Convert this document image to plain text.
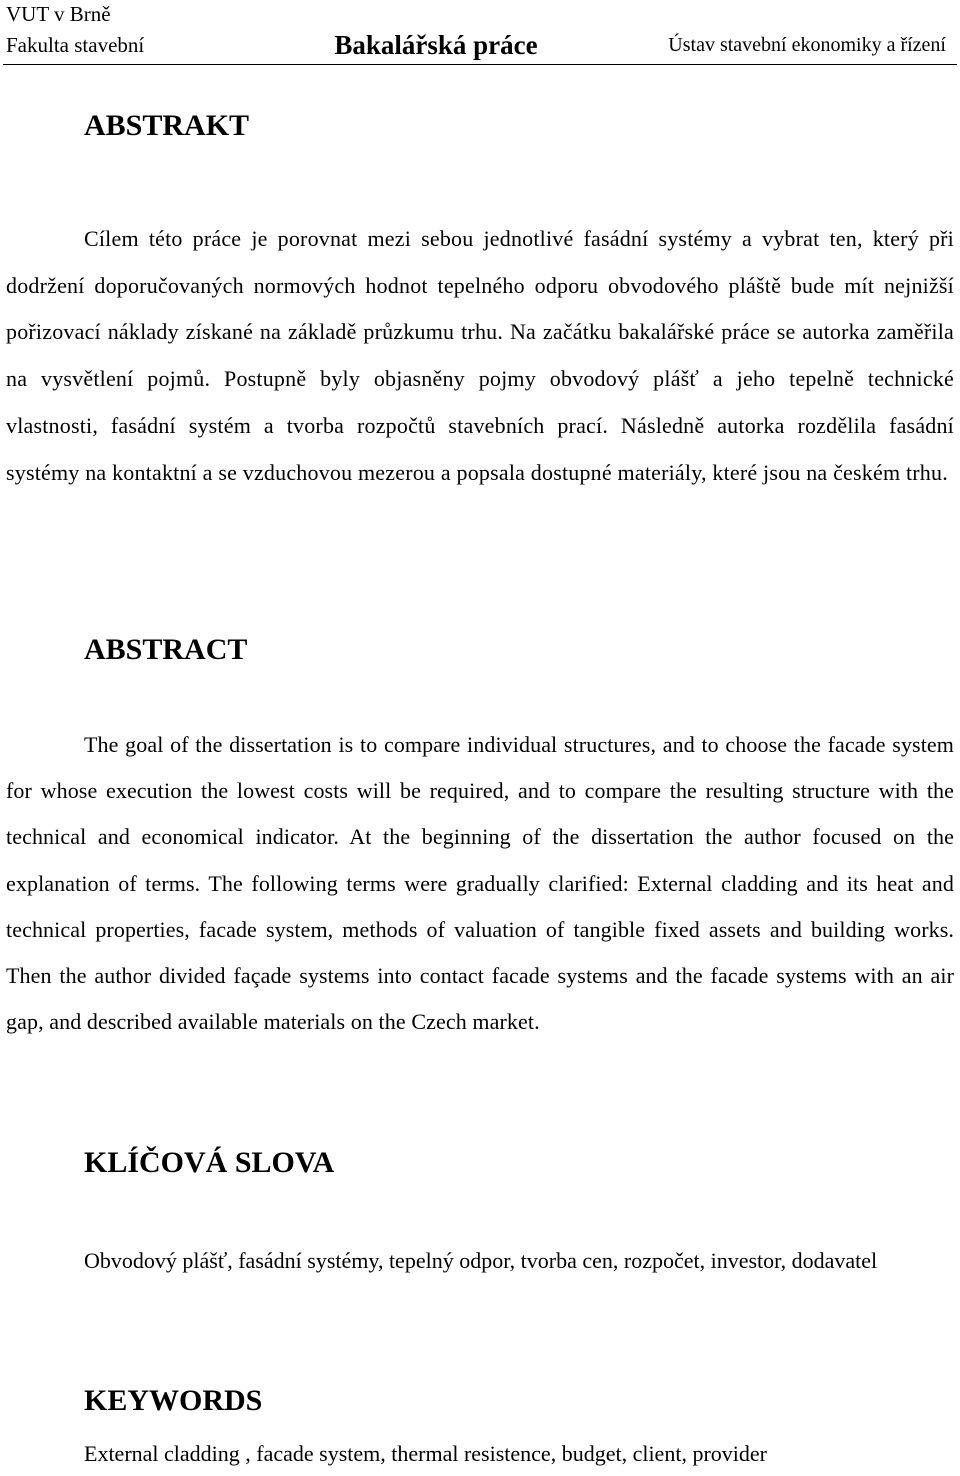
VUT v Brně
Fakulta stavební	Bakalářská práce	Ústav stavební ekonomiky a řízení
ABSTRAKT

Cílem této práce je porovnat mezi sebou jednotlivé fasádní systémy a vybrat ten, který při dodržení doporučovaných normových hodnot tepelného odporu obvodového pláště bude mít nejnižší pořizovací náklady získané na základě průzkumu trhu. Na začátku bakalářské práce se autorka zaměřila na vysvětlení pojmů. Postupně byly objasněny pojmy obvodový plášť a jeho tepelně technické vlastnosti, fasádní systém a tvorba rozpočtů stavebních prací. Následně autorka rozdělila fasádní systémy na kontaktní a se vzduchovou mezerou a popsala dostupné materiály, které jsou na českém trhu.

ABSTRACT

The goal of the dissertation is to compare individual structures, and to choose the facade system for whose execution the lowest costs will be required, and to compare the resulting structure with the technical and economical indicator. At the beginning of the dissertation the author focused on the explanation of terms. The following terms were gradually clarified: External cladding and its heat and technical properties, facade system, methods of valuation of tangible fixed assets and building works. Then the author divided façade systems into contact facade systems and the facade systems with an air gap, and described available materials on the Czech market.

KLÍČOVÁ SLOVA

Obvodový plášť, fasádní systémy, tepelný odpor, tvorba cen, rozpočet, investor, dodavatel

KEYWORDS

External cladding , facade system, thermal resistence, budget, client, provider
